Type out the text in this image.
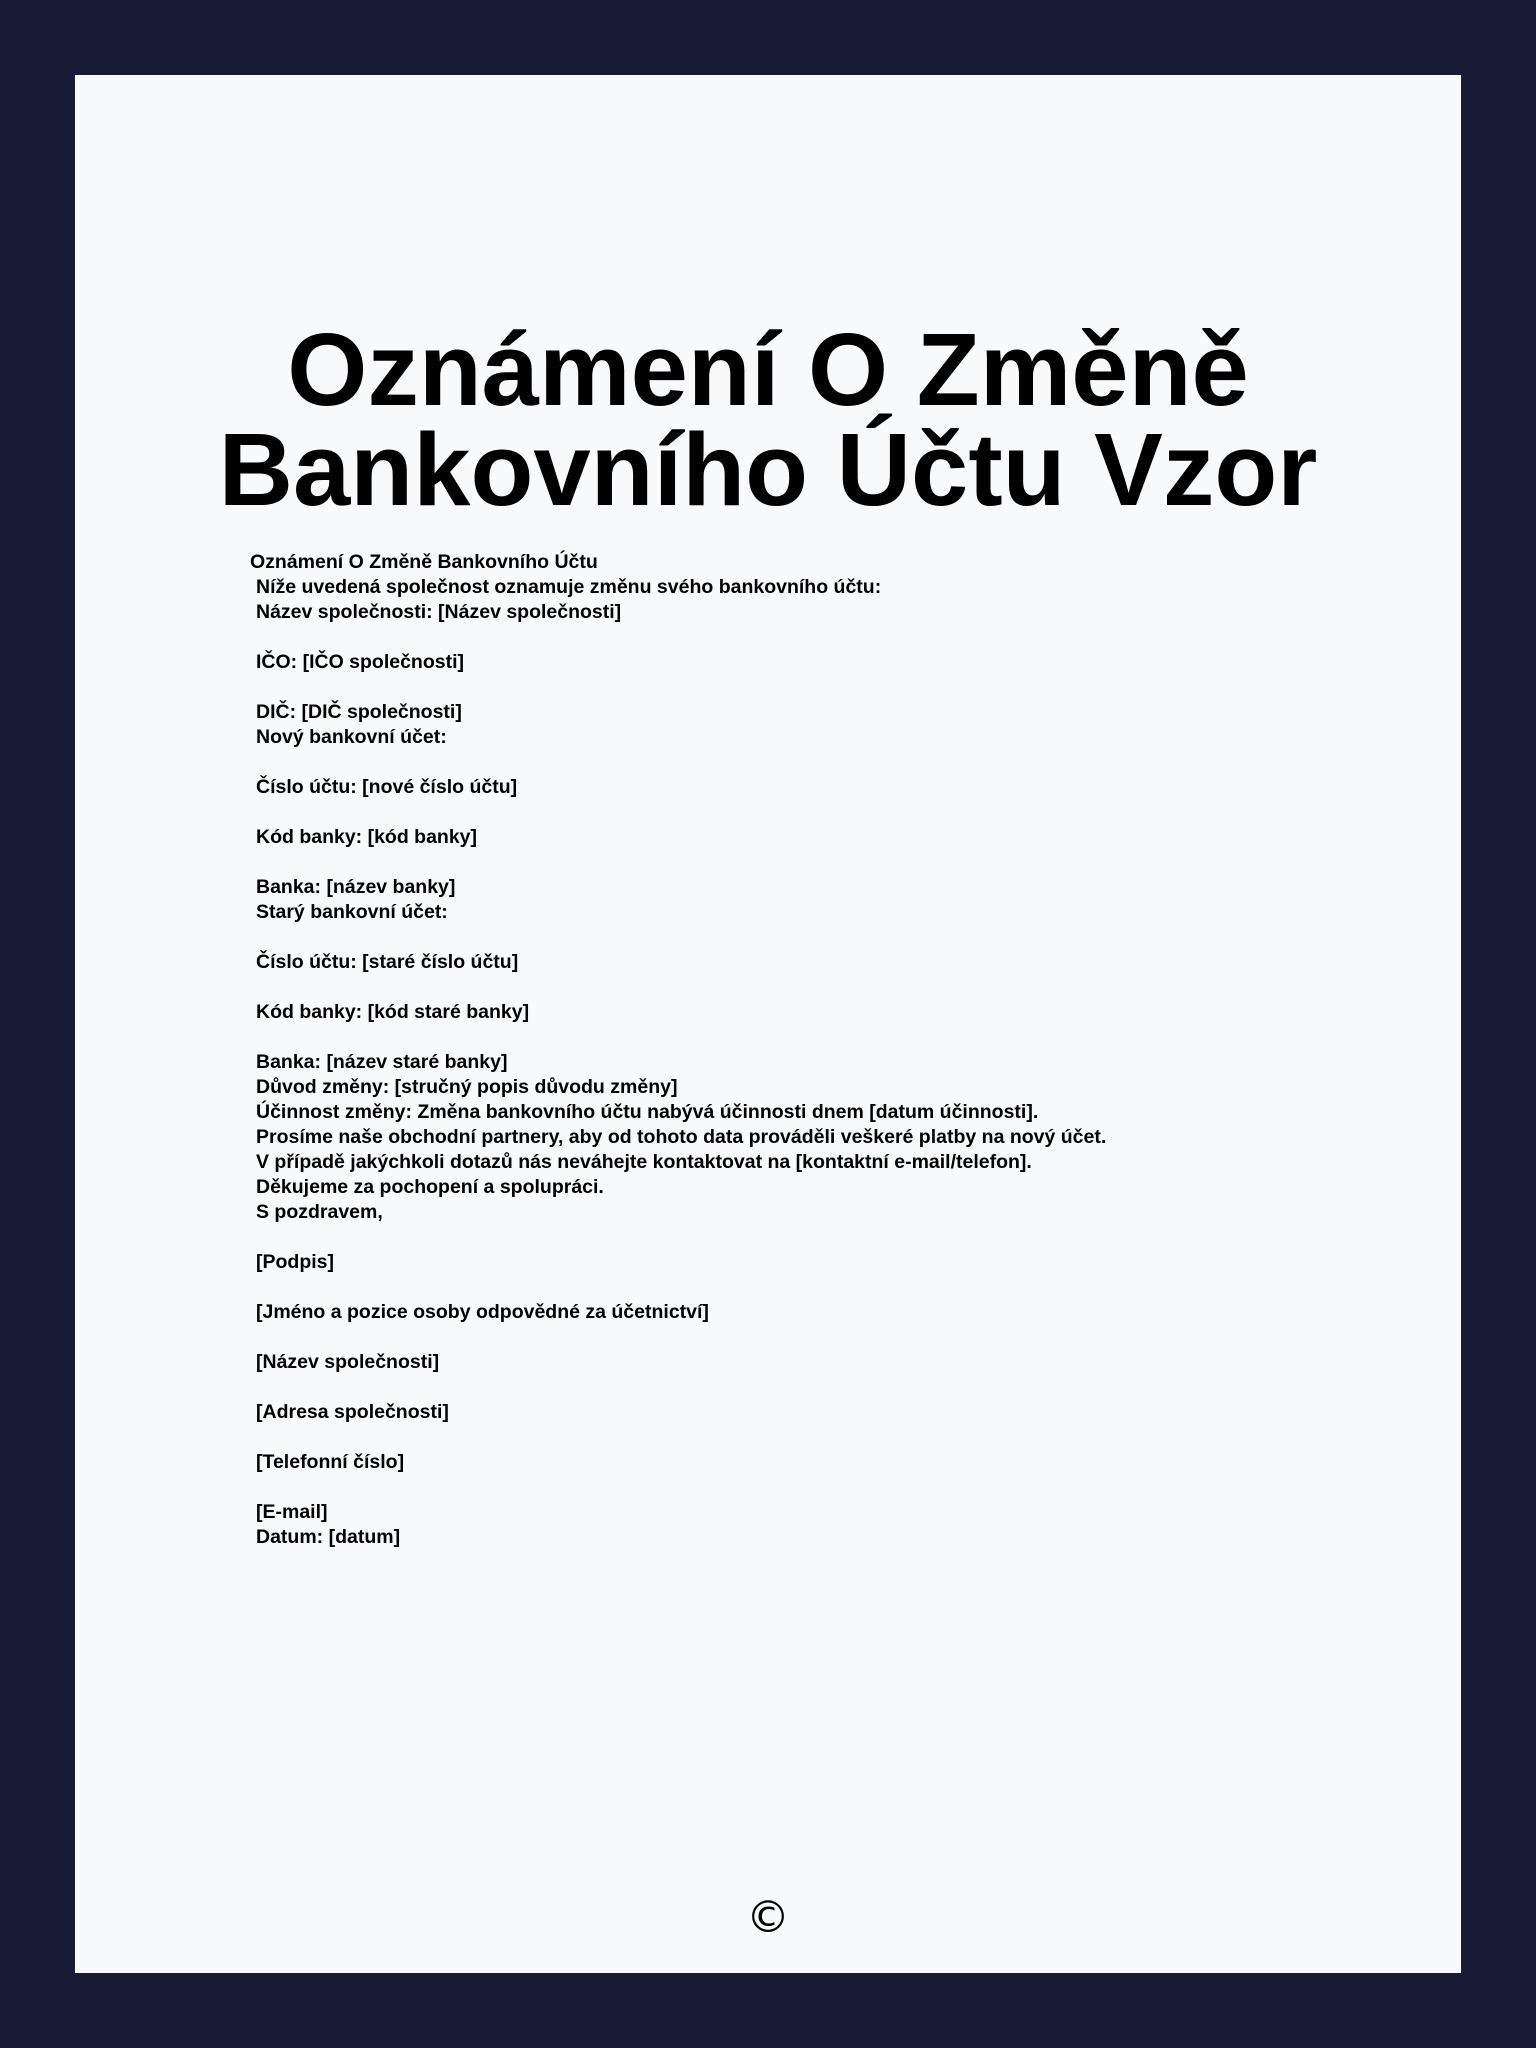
Oznámení O Změně
Bankovního Účtu Vzor
Oznámení O Změně Bankovního Účtu
Níže uvedená společnost oznamuje změnu svého bankovního účtu:
Název společnosti: [Název společnosti]
IČO: [IČO společnosti]
DIČ: [DIČ společnosti]
Nový bankovní účet:
Číslo účtu: [nové číslo účtu]
Kód banky: [kód banky]
Banka: [název banky]
Starý bankovní účet:
Číslo účtu: [staré číslo účtu]
Kód banky: [kód staré banky]
Banka: [název staré banky]
Důvod změny: [stručný popis důvodu změny]
Účinnost změny: Změna bankovního účtu nabývá účinnosti dnem [datum účinnosti].
Prosíme naše obchodní partnery, aby od tohoto data prováděli veškeré platby na nový účet.
V případě jakýchkoli dotazů nás neváhejte kontaktovat na [kontaktní e-mail/telefon].
Děkujeme za pochopení a spolupráci.
S pozdravem,
[Podpis]
[Jméno a pozice osoby odpovědné za účetnictví]
[Název společnosti]
[Adresa společnosti]
[Telefonní číslo]
[E-mail]
Datum: [datum]
©
